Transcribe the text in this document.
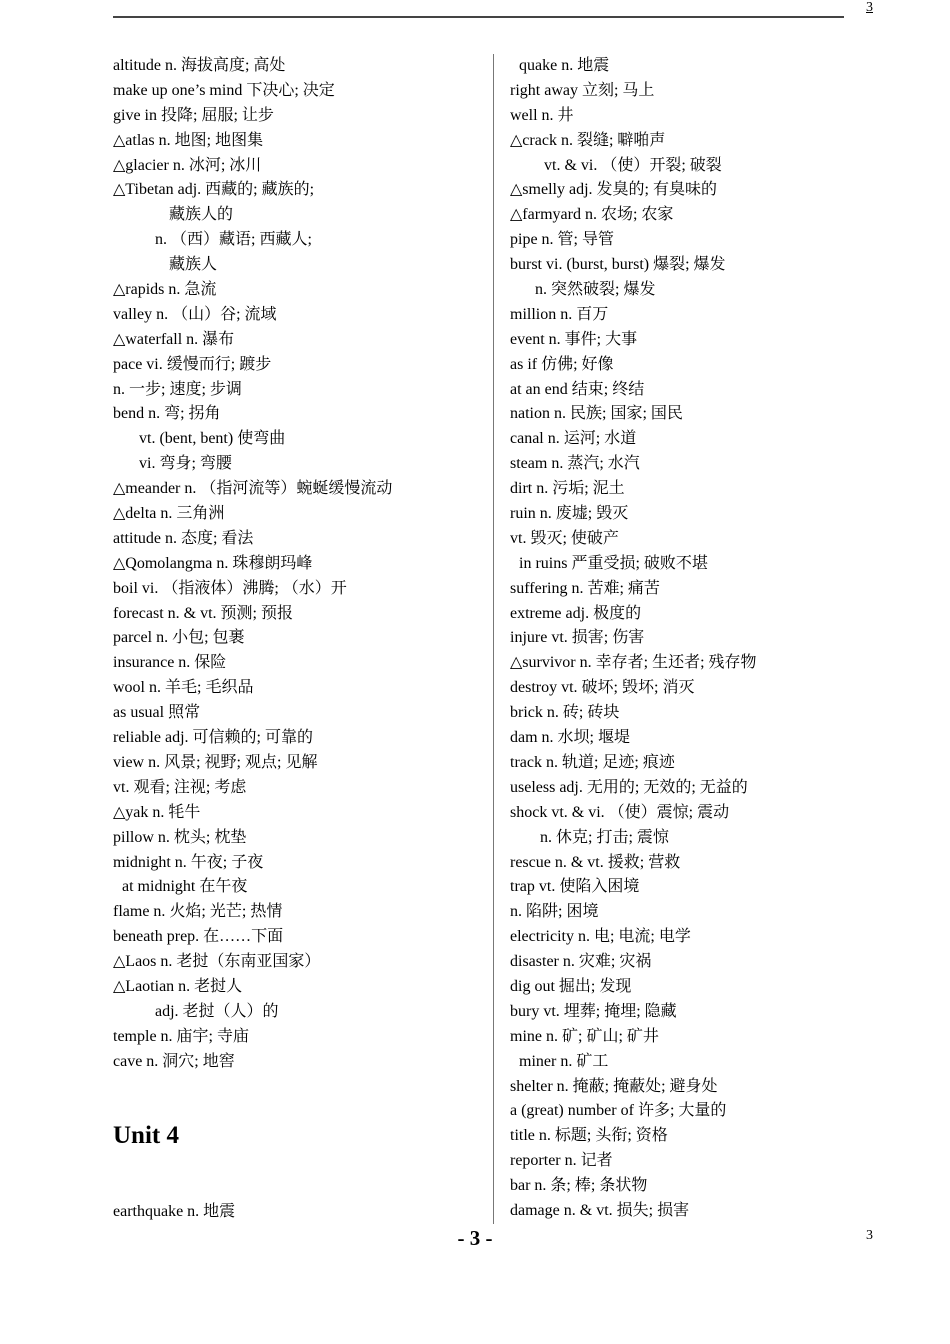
3
altitude n. 海拔高度; 高处
make up one’s mind 下决心; 决定
give in 投降; 屈服; 让步
△atlas n. 地图; 地图集
△glacier n. 冰河; 冰川
△Tibetan adj. 西藏的; 藏族的;
藏族人的
n. （西）藏语; 西藏人;
藏族人
△rapids n. 急流
valley n. （山）谷; 流域
△waterfall n. 瀑布
pace vi. 缓慢而行; 踱步
n. 一步; 速度; 步调
bend n. 弯; 拐角
vt. (bent, bent) 使弯曲
vi. 弯身; 弯腰
△meander n. （指河流等）蜿蜒缓慢流动
△delta n. 三角洲
attitude n. 态度; 看法
△Qomolangma n. 珠穆朗玛峰
boil vi. （指液体）沸腾; （水）开
forecast n. & vt. 预测; 预报
parcel n. 小包; 包裹
insurance n. 保险
wool n. 羊毛; 毛织品
as usual 照常
reliable adj. 可信赖的; 可靠的
view n. 风景; 视野; 观点; 见解
vt. 观看; 注视; 考虑
△yak n. 牦牛
pillow n. 枕头; 枕垫
midnight n. 午夜; 子夜
at midnight 在午夜
flame n. 火焰; 光芒; 热情
beneath prep. 在……下面
△Laos n. 老挝（东南亚国家）
△Laotian n. 老挝人
adj. 老挝（人）的
temple n. 庙宇; 寺庙
cave n. 洞穴; 地窖
Unit 4
earthquake n. 地震
quake n. 地震
right away 立刻; 马上
well n. 井
△crack n. 裂缝; 噼啪声
vt. & vi. （使）开裂; 破裂
△smelly adj. 发臭的; 有臭味的
△farmyard n. 农场; 农家
pipe n. 管; 导管
burst vi. (burst, burst) 爆裂; 爆发
n. 突然破裂; 爆发
million n. 百万
event n. 事件; 大事
as if 仿佛; 好像
at an end 结束; 终结
nation n. 民族; 国家; 国民
canal n. 运河; 水道
steam n. 蒸汽; 水汽
dirt n. 污垢; 泥土
ruin n. 废墟; 毁灭
vt. 毁灭; 使破产
in ruins 严重受损; 破败不堪
suffering n. 苦难; 痛苦
extreme adj. 极度的
injure vt. 损害; 伤害
△survivor n. 幸存者; 生还者; 残存物
destroy vt. 破坏; 毁坏; 消灭
brick n. 砖; 砖块
dam n. 水坝; 堰堤
track n. 轨道; 足迹; 痕迹
useless adj. 无用的; 无效的; 无益的
shock vt. & vi. （使）震惊; 震动
n. 休克; 打击; 震惊
rescue n. & vt. 援救; 营救
trap vt. 使陷入困境
n. 陷阱; 困境
electricity n. 电; 电流; 电学
disaster n. 灾难; 灾祸
dig out 掘出; 发现
bury vt. 埋葬; 掩埋; 隐藏
mine n. 矿; 矿山; 矿井
miner n. 矿工
shelter n. 掩蔽; 掩蔽处; 避身处
a (great) number of 许多; 大量的
title n. 标题; 头衔; 资格
reporter n. 记者
bar n. 条; 棒; 条状物
damage n. & vt. 损失; 损害
- 3 -	3
